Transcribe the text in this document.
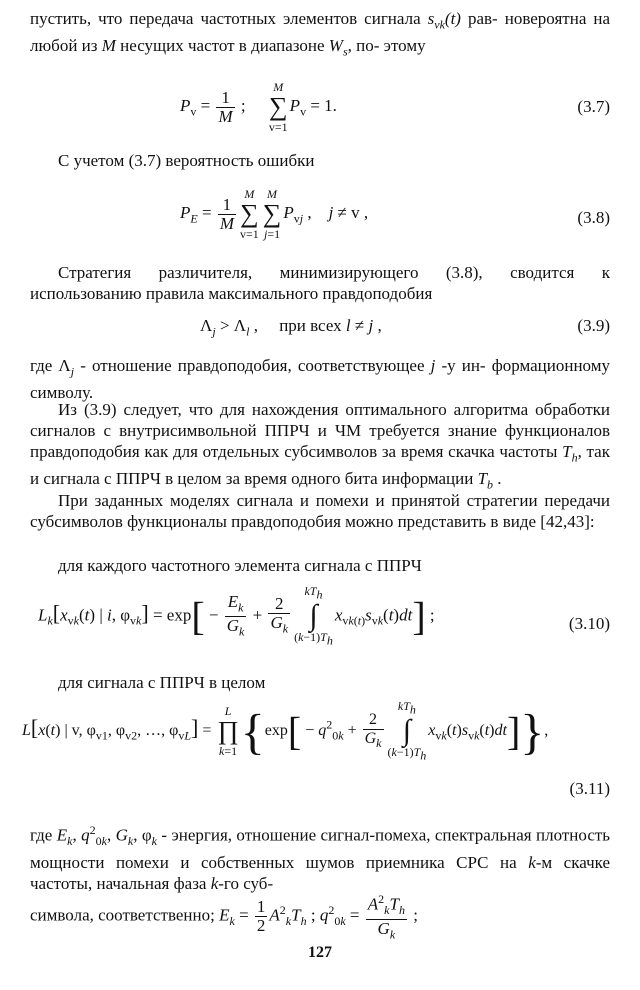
пустить, что передача частотных элементов сигнала $s_{vk}(t)$ рав- новероятна на любой из M несущих частот в диапазоне $W_s$, по- этому

$P_v = \frac{1}{M}$ ;
M
∑
v=1
$P_v = 1$.	(3.7)

С учетом (3.7) вероятность ошибки

$P_E = \frac{1}{M}$
M
∑
v=1
M
∑
j=1
$P_{vj}$ ,    j ≠ v ,	(3.8)

Стратегия различителя, минимизирующего (3.8), сводится к использованию правила максимального правдоподобия

$\Lambda_j > \Lambda_l$ ,     при всех l ≠ j ,	(3.9)

где $\Lambda_j$ - отношение правдоподобия, соответствующее j -у ин- формационному символу.

Из (3.9) следует, что для нахождения оптимального алгоритма обработки сигналов с внутрисимвольной ППРЧ и ЧМ требуется знание функционалов правдоподобия как для отдельных субсимволов за время скачка частоты $T_h$, так и сигнала с ППРЧ в целом за время одного бита информации $T_b$ .

При заданных моделях сигнала и помехи и принятой стратегии передачи субсимволов функционалы правдоподобия можно представить в виде [42,43]:

для каждого частотного элемента сигнала с ППРЧ

$L_k[x_{vk}(t)$ | i, $\varphi_{vk}] = \exp[ - \frac{E_k}{G_k} + \frac{2}{G_k}$
$kT_h$
∫
$(k-1)T_h$
$x_{vk(t)}s_{vk}(t)dt$] ;	(3.10)

для сигнала с ППРЧ в целом

L[x(t) | v, $\varphi_{v1}$, $\varphi_{v2}$, …, $\varphi_{vL}$] =
L
∏
k=1 {$\exp[ - q^2_{0k} + \frac{2}{G_k}$
$kT_h$
∫
$(k-1)T_h$
$x_{vk}(t)s_{vk}(t)dt$]},
(3.11)

где $E_k$, $q^2_{0k}$, $G_k$, $\varphi_k$ - энергия, отношение сигнал-помеха, спектральная плотность мощности помехи и собственных шумов приемника СРС на k-м скачке частоты, начальная фаза k-го суб-

символа, соответственно; $E_k = \frac{1}{2} A^2_kT_h$ ; $q^2_{0k} = \frac{A^2_kT_h}{G_k}$ ;
127
